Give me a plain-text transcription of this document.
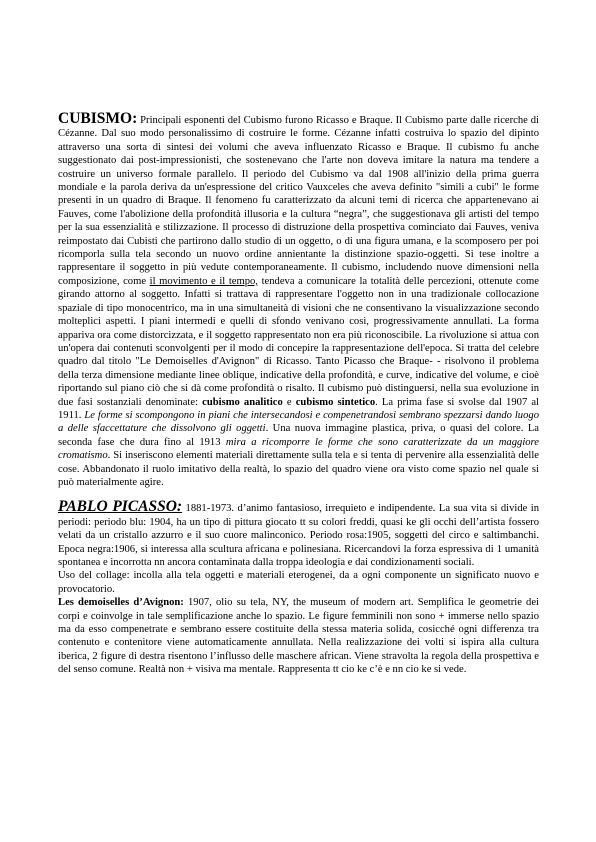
CUBISMO: Principali esponenti del Cubismo furono Ricasso e Braque. Il Cubismo parte dalle ricerche di Cézanne. Dal suo modo personalissimo di costruire le forme. Cézanne infatti costruiva lo spazio del dipinto attraverso una sorta di sintesi dei volumi che aveva influenzato Ricasso e Braque. Il cubismo fu anche suggestionato dai post-impressionisti, che sostenevano che l'arte non doveva imitare la natura ma tendere a costruire un universo formale parallelo. Il periodo del Cubismo va dal 1908 all'inizio della prima guerra mondiale e la parola deriva da un'espressione del critico Vauxceles che aveva definito "simili a cubi" le forme presenti in un quadro di Braque. Il fenomeno fu caratterizzato da alcuni temi di ricerca che appartenevano ai Fauves, come l'abolizione della profondità illusoria e la cultura “negra”, che suggestionava gli artisti del tempo per la sua essenzialità e stilizzazione. Il processo di distruzione della prospettiva cominciato dai Fauves, veniva reimpostato dai Cubisti che partirono dallo studio di un oggetto, o di una figura umana, e la scomposero per poi ricomporla sulla tela secondo un nuovo ordine annientante la distinzione spazio-oggetti. Si tese inoltre a rappresentare il soggetto in più vedute contemporaneamente. Il cubismo, includendo nuove dimensioni nella composizione, come il movimento e il tempo, tendeva a comunicare la totalità delle percezioni, ottenute come girando attorno al soggetto. Infatti si trattava di rappresentare l'oggetto non in una tradizionale collocazione spaziale di tipo monocentrico, ma in una simultaneità di visioni che ne consentivano la visualizzazione secondo molteplici aspetti. I piani intermedi e quelli di sfondo venivano così, progressivamente annullati. La forma appariva ora come distorcizzata, e il soggetto rappresentato non era più riconoscibile. La rivoluzione si attua con un'opera dai contenuti sconvolgenti per il modo di concepire la rappresentazione dell'epoca. Si tratta del celebre quadro dal titolo "Le Demoiselles d'Avignon" di Ricasso. Tanto Picasso che Braque- - risolvono il problema della terza dimensione mediante linee oblique, indicative della profondità, e curve, indicative del volume, e cioè riportando sul piano ciò che si dà come profondità o risalto. Il cubismo può distinguersi, nella sua evoluzione in due fasi sostanziali denominate: cubismo analitico e cubismo sintetico. La prima fase si svolse dal 1907 al 1911. Le forme si scompongono in piani che intersecandosi e compenetrandosi sembrano spezzarsi dando luogo a delle sfaccettature che dissolvono gli oggetti. Una nuova immagine plastica, priva, o quasi del colore. La seconda fase che dura fino al 1913 mira a ricomporre le forme che sono caratterizzate da un maggiore cromatismo. Si inseriscono elementi materiali direttamente sulla tela e si tenta di pervenire alla essenzialità delle cose. Abbandonato il ruolo imitativo della realtà, lo spazio del quadro viene ora visto come spazio nel quale si può materialmente agire.

PABLO PICASSO: 1881-1973. d’animo fantasioso, irrequieto e indipendente. La sua vita si divide in periodi: periodo blu: 1904, ha un tipo di pittura giocato tt su colori freddi, quasi ke gli occhi dell’artista fossero velati da un cristallo azzurro e il suo cuore malinconico. Periodo rosa:1905, soggetti del circo e saltimbanchi. Epoca negra:1906, si interessa alla scultura africana e polinesiana. Ricercandovi la forza espressiva di 1 umanità spontanea e incorrotta nn ancora contaminata dalla troppa ideologia e dai condizionamenti sociali.

Uso del collage: incolla alla tela oggetti e materiali eterogenei, da a ogni componente un significato nuovo e provocatorio.

Les demoiselles d’Avignon: 1907, olio su tela, NY, the museum of modern art. Semplifica le geometrie dei corpi e coinvolge in tale semplificazione anche lo spazio. Le figure femminili non sono + immerse nello spazio ma da esso compenetrate e sembrano essere costituite della stessa materia solida, cosicché ogni differenza tra contenuto e contenitore viene automaticamente annullata. Nella realizzazione dei volti si ispira alla cultura iberica, 2 figure di destra risentono l’influsso delle maschere african. Viene stravolta la regola della prospettiva e del senso comune. Realtà non + visiva ma mentale. Rappresenta tt cio ke c’è e nn cio ke si vede.
